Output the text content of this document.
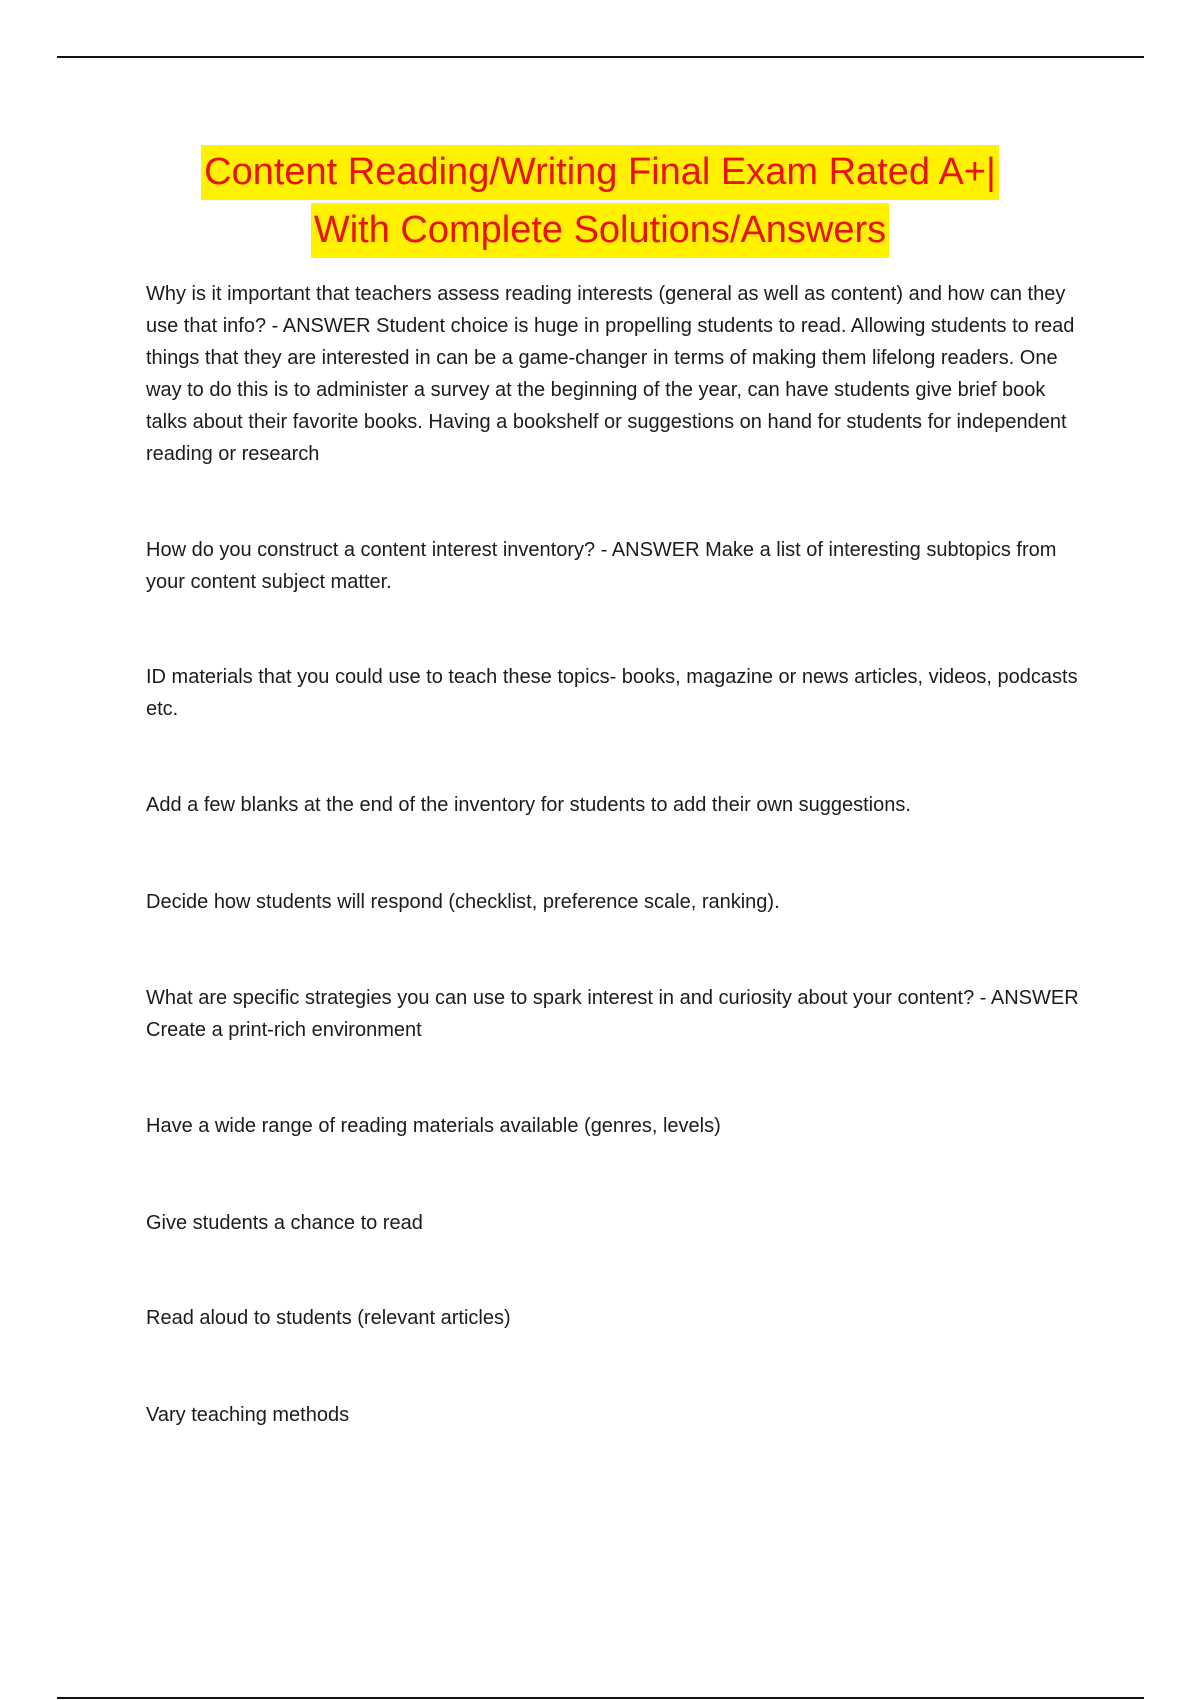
Content Reading/Writing Final Exam Rated A+|
With Complete Solutions/Answers

Why is it important that teachers assess reading interests (general as well as content) and how can they use that info? - ANSWER Student choice is huge in propelling students to read. Allowing students to read things that they are interested in can be a game-changer in terms of making them lifelong readers. One way to do this is to administer a survey at the beginning of the year, can have students give brief book talks about their favorite books. Having a bookshelf or suggestions on hand for students for independent reading or research

How do you construct a content interest inventory? - ANSWER Make a list of interesting subtopics from your content subject matter.

ID materials that you could use to teach these topics- books, magazine or news articles, videos, podcasts etc.

Add a few blanks at the end of the inventory for students to add their own suggestions.

Decide how students will respond (checklist, preference scale, ranking).

What are specific strategies you can use to spark interest in and curiosity about your content? - ANSWER Create a print-rich environment

Have a wide range of reading materials available (genres, levels)

Give students a chance to read

Read aloud to students (relevant articles)

Vary teaching methods
